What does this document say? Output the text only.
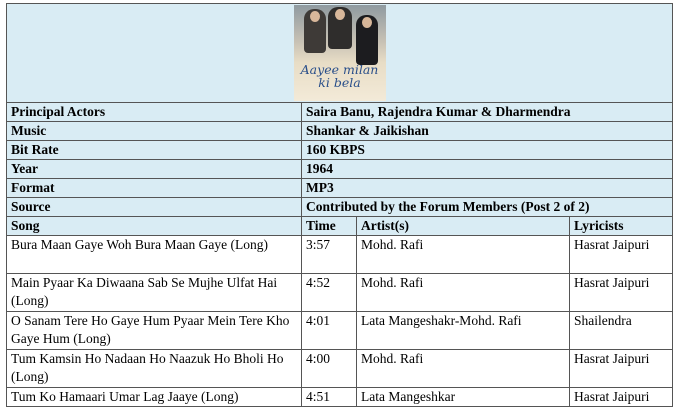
Aayee milan
ki bela			

Principal Actors	Saira Banu, Rajendra Kumar & Dharmendra		
Music	Shankar & Jaikishan		
Bit Rate	160 KBPS		
Year	1964		
Format	MP3		
Source	Contributed by the Forum Members (Post 2 of 2)		
Song	Time	Artist(s)	Lyricists
Bura Maan Gaye Woh Bura Maan Gaye (Long)	3:57	Mohd. Rafi	Hasrat Jaipuri
Main Pyaar Ka Diwaana Sab Se Mujhe Ulfat Hai (Long)	4:52	Mohd. Rafi	Hasrat Jaipuri
O Sanam Tere Ho Gaye Hum Pyaar Mein Tere Kho Gaye Hum (Long)	4:01	Lata Mangeshakr-Mohd. Rafi	Shailendra
Tum Kamsin Ho Nadaan Ho Naazuk Ho Bholi Ho (Long)	4:00	Mohd. Rafi	Hasrat Jaipuri
Tum Ko Hamaari Umar Lag Jaaye (Long)	4:51	Lata Mangeshkar	Hasrat Jaipuri
